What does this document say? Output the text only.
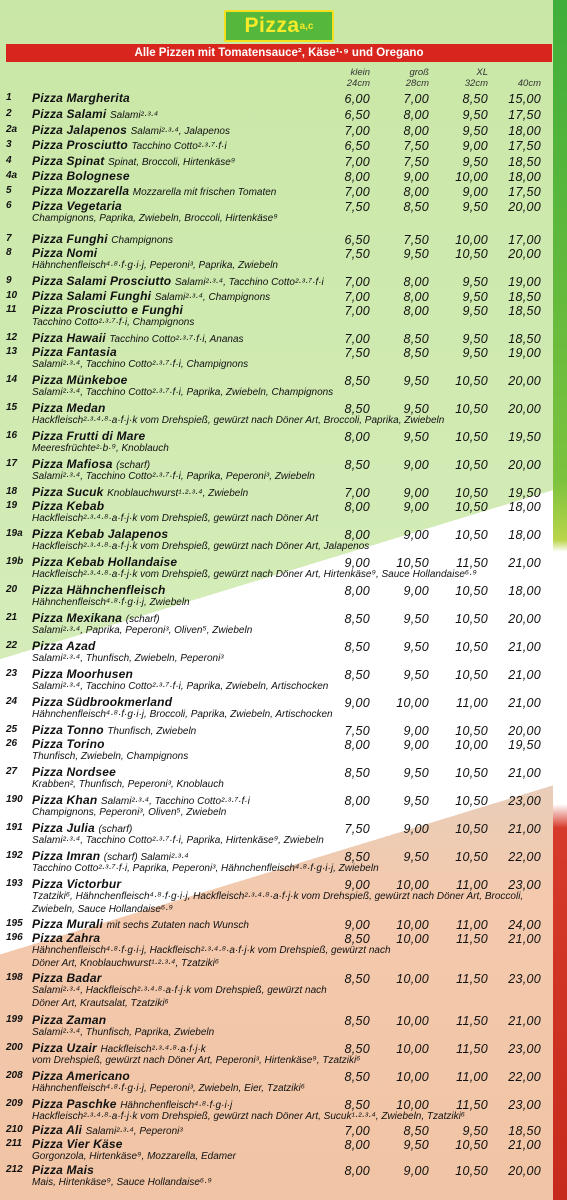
Pizza a,c
Alle Pizzen mit Tomatensauce², Käse¹·⁹ und Oregano
klein
24cm
groß
28cm
XL
32cm
	40cm
1 Pizza Margherita	6,00	7,00	8,50	15,00
2 Pizza Salami Salami²·³·⁴	6,50	8,00	9,50	17,50
2a Pizza Jalapenos Salami²·³·⁴, Jalapenos	7,00	8,00	9,50	18,00
3 Pizza Prosciutto Tacchino Cotto²·³·⁷·f·i	6,50	7,50	9,00	17,50
4 Pizza Spinat Spinat, Broccoli, Hirtenkäse⁹	7,00	7,50	9,50	18,50
4a Pizza Bolognese	8,00	9,00	10,00	18,00
5 Pizza Mozzarella Mozzarella mit frischen Tomaten	7,00	8,00	9,00	17,50
6 Pizza Vegetaria
Champignons, Paprika, Zwiebeln, Broccoli, Hirtenkäse⁹
7,50	8,50	9,50	20,00
7 Pizza Funghi Champignons	6,50	7,50	10,00	17,00
8 Pizza Nomi
Hähnchenfleisch⁴·⁸·f·g·i·j, Peperoni³, Paprika, Zwiebeln
7,50	9,50	10,50	20,00
9 Pizza Salami Prosciutto Salami²·³·⁴, Tacchino Cotto²·³·⁷·f·i	7,00	8,00	9,50	19,00
10 Pizza Salami Funghi Salami²·³·⁴, Champignons	7,00	8,00	9,50	18,50
11 Pizza Prosciutto e Funghi
Tacchino Cotto²·³·⁷·f·i, Champignons
7,00	8,00	9,50	18,50
12 Pizza Hawaii Tacchino Cotto²·³·⁷·f·i, Ananas	7,00	8,50	9,50	18,50
13 Pizza Fantasia
Salami²·³·⁴, Tacchino Cotto²·³·⁷·f·i, Champignons
7,50	8,50	9,50	19,00
14 Pizza Münkeboe
Salami²·³·⁴, Tacchino Cotto²·³·⁷·f·i, Paprika, Zwiebeln, Champignons
8,50	9,50	10,50	20,00
15 Pizza Medan
Hackfleisch²·³·⁴·⁸·a·f·j·k vom Drehspieß, gewürzt nach Döner Art, Broccoli, Paprika, Zwiebeln
8,50	9,50	10,50	20,00
16 Pizza Frutti di Mare
Meeresfrüchte²·b·⁹, Knoblauch
8,00	9,50	10,50	19,50
17 Pizza Mafiosa (scharf)
Salami²·³·⁴, Tacchino Cotto²·³·⁷·f·i, Paprika, Peperoni³, Zwiebeln
8,50	9,00	10,50	20,00
18 Pizza Sucuk Knoblauchwurst¹·²·³·⁴, Zwiebeln	7,00	9,00	10,50	19,50
19 Pizza Kebab
Hackfleisch²·³·⁴·⁸·a·f·j·k vom Drehspieß, gewürzt nach Döner Art
8,00	9,00	10,50	18,00
19a Pizza Kebab Jalapenos
Hackfleisch²·³·⁴·⁸·a·f·j·k vom Drehspieß, gewürzt nach Döner Art, Jalapenos
8,00	9,00	10,50	18,00
19b Pizza Kebab Hollandaise
Hackfleisch²·³·⁴·⁸·a·f·j·k vom Drehspieß, gewürzt nach Döner Art, Hirtenkäse⁹, Sauce Hollandaise⁶·⁹
9,00	10,50	11,50	21,00
20 Pizza Hähnchenfleisch
Hähnchenfleisch⁴·⁸·f·g·i·j, Zwiebeln
8,00	9,00	10,50	18,00
21 Pizza Mexikana (scharf)
Salami²·³·⁴, Paprika, Peperoni³, Oliven⁵, Zwiebeln
8,50	9,50	10,50	20,00
22 Pizza Azad
Salami²·³·⁴, Thunfisch, Zwiebeln, Peperoni³
8,50	9,50	10,50	21,00
23 Pizza Moorhusen
Salami²·³·⁴, Tacchino Cotto²·³·⁷·f·i, Paprika, Zwiebeln, Artischocken
8,50	9,50	10,50	21,00
24 Pizza Südbrookmerland
Hähnchenfleisch⁴·⁸·f·g·i·j, Broccoli, Paprika, Zwiebeln, Artischocken
9,00	10,00	11,00	21,00
25 Pizza Tonno Thunfisch, Zwiebeln	7,50	9,00	10,50	20,00
26 Pizza Torino
Thunfisch, Zwiebeln, Champignons
8,00	9,00	10,00	19,50
27 Pizza Nordsee
Krabben², Thunfisch, Peperoni³, Knoblauch
8,50	9,50	10,50	21,00
190 Pizza Khan Salami²·³·⁴, Tacchino Cotto²·³·⁷·f·i
Champignons, Peperoni³, Oliven⁵, Zwiebeln
8,00	9,50	10,50	23,00
191 Pizza Julia (scharf)
Salami²·³·⁴, Tacchino Cotto²·³·⁷·f·i, Paprika, Hirtenkäse⁹, Zwiebeln
7,50	9,00	10,50	21,00
192 Pizza Imran (scharf) Salami²·³·⁴
Tacchino Cotto²·³·⁷·f·i, Paprika, Peperoni³, Hähnchenfleisch⁴·⁸·f·g·i·j, Zwiebeln
8,50	9,50	10,50	22,00
193 Pizza Victorbur
Tzatziki⁶, Hähnchenfleisch⁴·⁸·f·g·i·j, Hackfleisch²·³·⁴·⁸·a·f·j·k vom Drehspieß, gewürzt nach Döner Art, Broccoli,
Zwiebeln, Sauce Hollandaise⁶·⁹
9,00	10,00	11,00	23,00
195 Pizza Murali mit sechs Zutaten nach Wunsch	9,00	10,00	11,00	24,00
196 Pizza Zahra
Hähnchenfleisch⁴·⁸·f·g·i·j, Hackfleisch²·³·⁴·⁸·a·f·j·k vom Drehspieß, gewürzt nach
Döner Art, Knoblauchwurst¹·²·³·⁴, Tzatziki⁶
8,50	10,00	11,50	21,00
198 Pizza Badar
Salami²·³·⁴, Hackfleisch²·³·⁴·⁸·a·f·j·k vom Drehspieß, gewürzt nach
Döner Art, Krautsalat, Tzatziki⁶
8,50	10,00	11,50	23,00
199 Pizza Zaman
Salami²·³·⁴, Thunfisch, Paprika, Zwiebeln
8,50	10,00	11,50	21,00
200 Pizza Uzair Hackfleisch²·³·⁴·⁸·a·f·j·k
vom Drehspieß, gewürzt nach Döner Art, Peperoni³, Hirtenkäse⁹, Tzatziki⁶
8,50	10,00	11,50	23,00
208 Pizza Americano
Hähnchenfleisch⁴·⁸·f·g·i·j, Peperoni³, Zwiebeln, Eier, Tzatziki⁶
8,50	10,00	11,00	22,00
209 Pizza Paschke Hähnchenfleisch⁴·⁸·f·g·i·j
Hackfleisch²·³·⁴·⁸·a·f·j·k vom Drehspieß, gewürzt nach Döner Art, Sucuk¹·²·³·⁴, Zwiebeln, Tzatziki⁶
8,50	10,00	11,50	23,00
210 Pizza Ali Salami²·³·⁴, Peperoni³	7,00	8,50	9,50	18,50
211 Pizza Vier Käse
Gorgonzola, Hirtenkäse⁹, Mozzarella, Edamer
8,00	9,50	10,50	21,00
212 Pizza Mais
Mais, Hirtenkäse⁹, Sauce Hollandaise⁶·⁹
8,00	9,00	10,50	20,00
